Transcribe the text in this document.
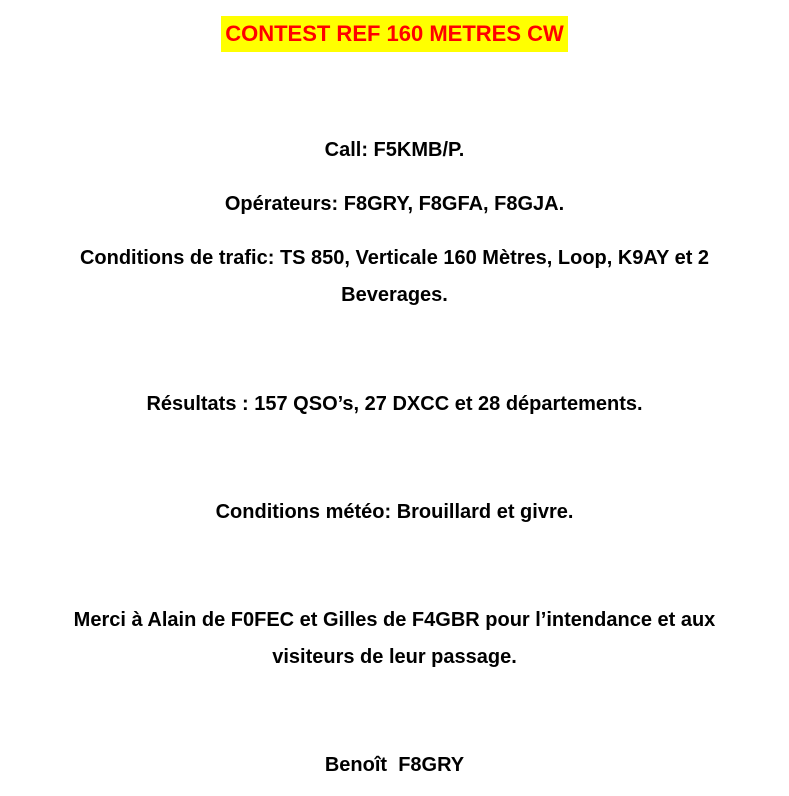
CONTEST REF 160 METRES CW
Call: F5KMB/P.
Opérateurs: F8GRY, F8GFA, F8GJA.
Conditions de trafic: TS 850, Verticale 160 Mètres, Loop, K9AY et 2
Beverages.
Résultats : 157 QSO’s, 27 DXCC et 28 départements.
Conditions météo: Brouillard et givre.
Merci à Alain de F0FEC et Gilles de F4GBR pour l’intendance et aux
visiteurs de leur passage.
Benoît  F8GRY
